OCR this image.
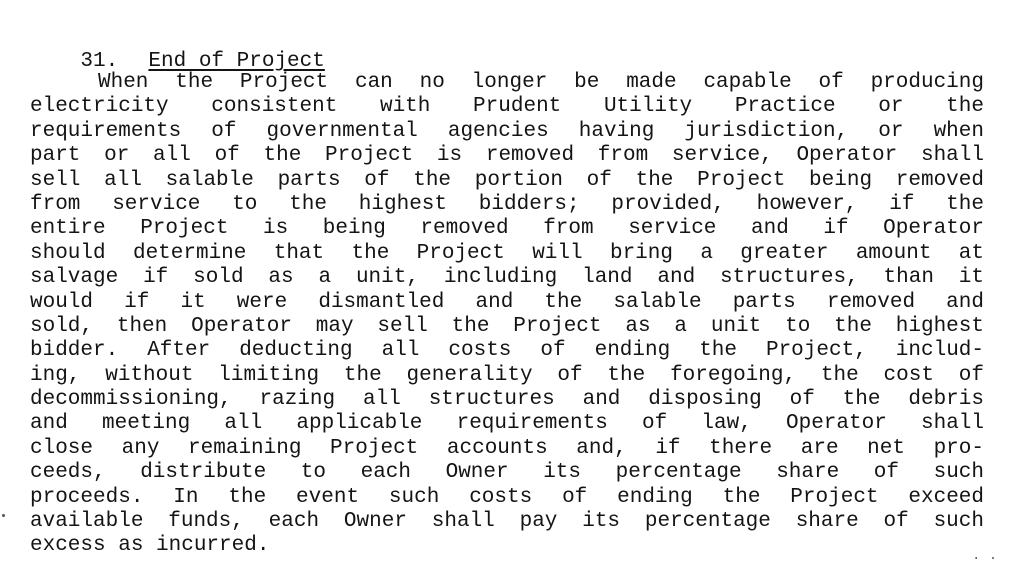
31. End of Project

When the Project can no longer be made capable of producing
electricity consistent with Prudent Utility Practice or the
requirements of governmental agencies having jurisdiction, or when
part or all of the Project is removed from service, Operator shall
sell all salable parts of the portion of the Project being removed
from service to the highest bidders; provided, however, if the
entire Project is being removed from service and if Operator
should determine that the Project will bring a greater amount at
salvage if sold as a unit, including land and structures, than it
would if it were dismantled and the salable parts removed and
sold, then Operator may sell the Project as a unit to the highest
bidder. After deducting all costs of ending the Project, includ-
ing, without limiting the generality of the foregoing, the cost of
decommissioning, razing all structures and disposing of the debris
and meeting all applicable requirements of law, Operator shall
close any remaining Project accounts and, if there are net pro-
ceeds, distribute to each Owner its percentage share of such
proceeds. In the event such costs of ending the Project exceed
available funds, each Owner shall pay its percentage share of such
excess as incurred.	. .
